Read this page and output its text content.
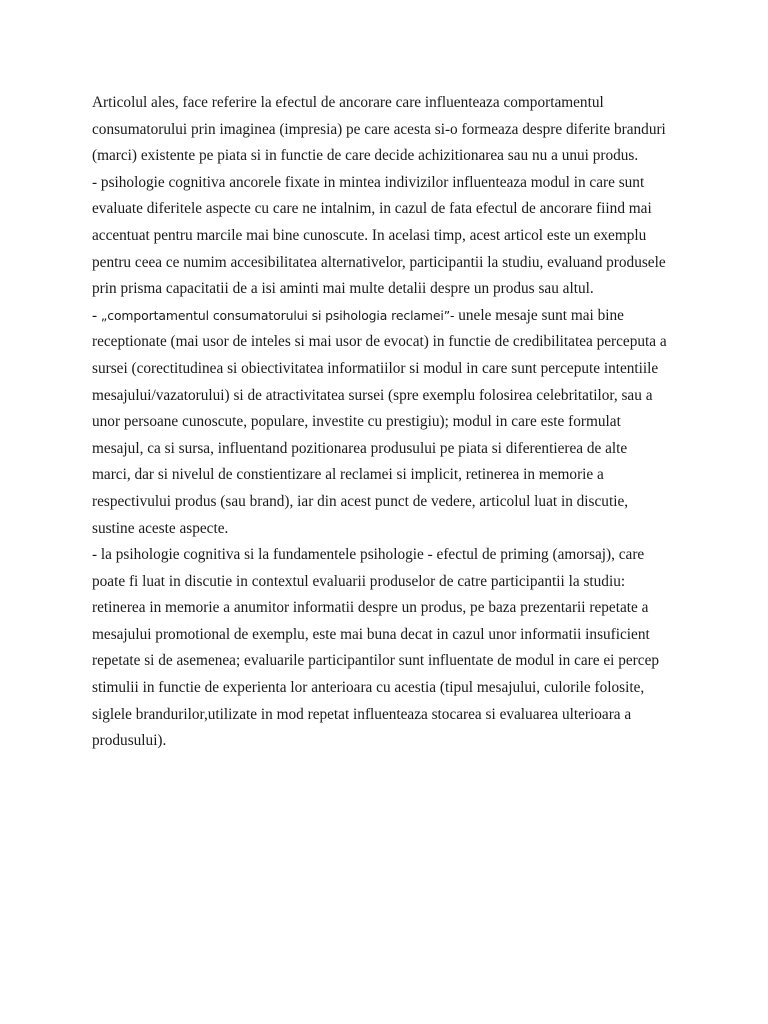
Articolul ales, face referire la efectul de ancorare care influenteaza comportamentul
consumatorului prin imaginea (impresia) pe care acesta si-o formeaza despre diferite branduri
(marci) existente pe piata si in functie de care decide achizitionarea sau nu a unui produs.
- psihologie cognitiva ancorele fixate in mintea indivizilor influenteaza modul in care sunt
evaluate diferitele aspecte cu care ne intalnim, in cazul de fata efectul de ancorare fiind mai
accentuat pentru marcile mai bine cunoscute. In acelasi timp, acest articol este un exemplu
pentru ceea ce numim accesibilitatea alternativelor, participantii la studiu, evaluand produsele
prin prisma capacitatii de a isi aminti mai multe detalii despre un produs sau altul.
- „comportamentul consumatorului si psihologia reclamei”- unele mesaje sunt mai bine
receptionate (mai usor de inteles si mai usor de evocat) in functie de credibilitatea perceputa a
sursei (corectitudinea si obiectivitatea informatiilor si modul in care sunt percepute intentiile
mesajului/vazatorului) si de atractivitatea sursei (spre exemplu folosirea celebritatilor, sau a
unor persoane cunoscute, populare, investite cu prestigiu); modul in care este formulat
mesajul, ca si sursa, influentand pozitionarea produsului pe piata si diferentierea de alte
marci, dar si nivelul de constientizare al reclamei si implicit, retinerea in memorie a
respectivului produs (sau brand), iar din acest punct de vedere, articolul luat in discutie,
sustine aceste aspecte.
- la psihologie cognitiva si la fundamentele psihologie - efectul de priming (amorsaj), care
poate fi luat in discutie in contextul evaluarii produselor de catre participantii la studiu:
retinerea in memorie a anumitor informatii despre un produs, pe baza prezentarii repetate a
mesajului promotional de exemplu, este mai buna decat in cazul unor informatii insuficient
repetate si de asemenea; evaluarile participantilor sunt influentate de modul in care ei percep
stimulii in functie de experienta lor anterioara cu acestia (tipul mesajului, culorile folosite,
siglele brandurilor,utilizate in mod repetat influenteaza stocarea si evaluarea ulterioara a
produsului).
